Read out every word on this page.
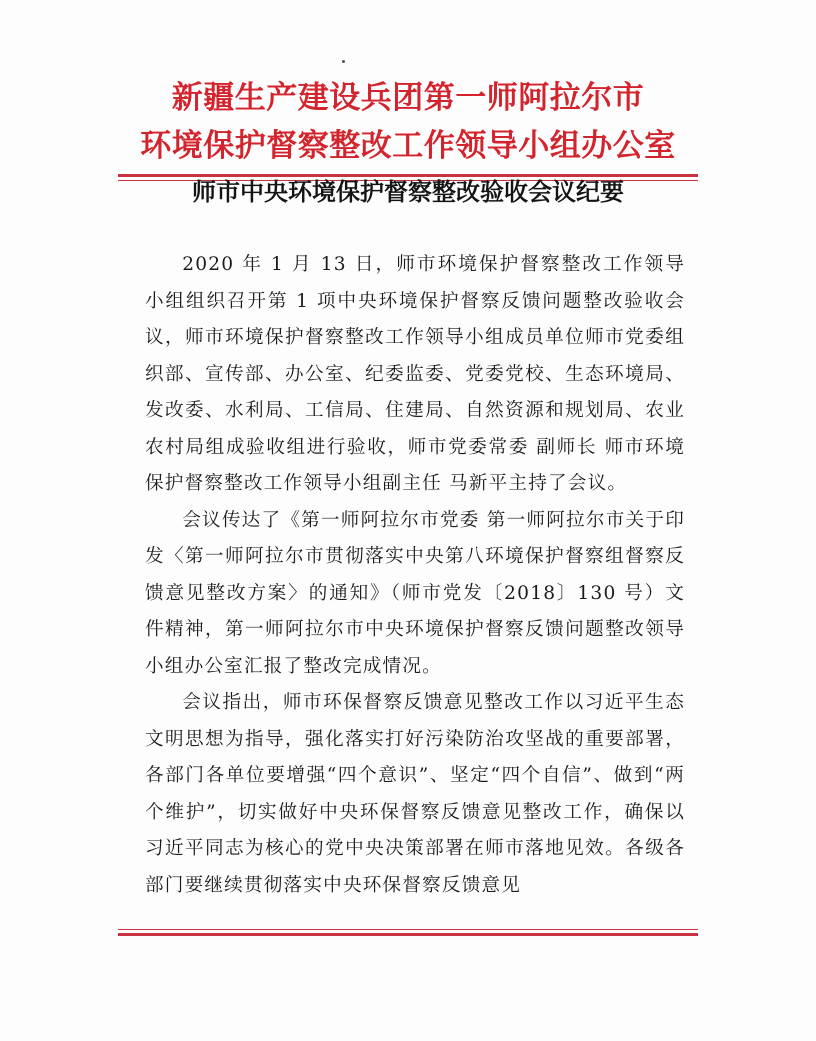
新疆生产建设兵团第一师阿拉尔市
环境保护督察整改工作领导小组办公室
师市中央环境保护督察整改验收会议纪要

2020 年 1 月 13 日，师市环境保护督察整改工作领导小组组织召开第 1 项中央环境保护督察反馈问题整改验收会议，师市环境保护督察整改工作领导小组成员单位师市党委组织部、宣传部、办公室、纪委监委、党委党校、生态环境局、发改委、水利局、工信局、住建局、自然资源和规划局、农业农村局组成验收组进行验收，师市党委常委 副师长 师市环境保护督察整改工作领导小组副主任 马新平主持了会议。

会议传达了《第一师阿拉尔市党委 第一师阿拉尔市关于印发〈第一师阿拉尔市贯彻落实中央第八环境保护督察组督察反馈意见整改方案〉的通知》（师市党发〔2018〕130 号）文件精神，第一师阿拉尔市中央环境保护督察反馈问题整改领导小组办公室汇报了整改完成情况。

会议指出，师市环保督察反馈意见整改工作以习近平生态文明思想为指导，强化落实打好污染防治攻坚战的重要部署，各部门各单位要增强“四个意识”、坚定“四个自信”、做到“两个维护”，切实做好中央环保督察反馈意见整改工作，确保以习近平同志为核心的党中央决策部署在师市落地见效。各级各部门要继续贯彻落实中央环保督察反馈意见
